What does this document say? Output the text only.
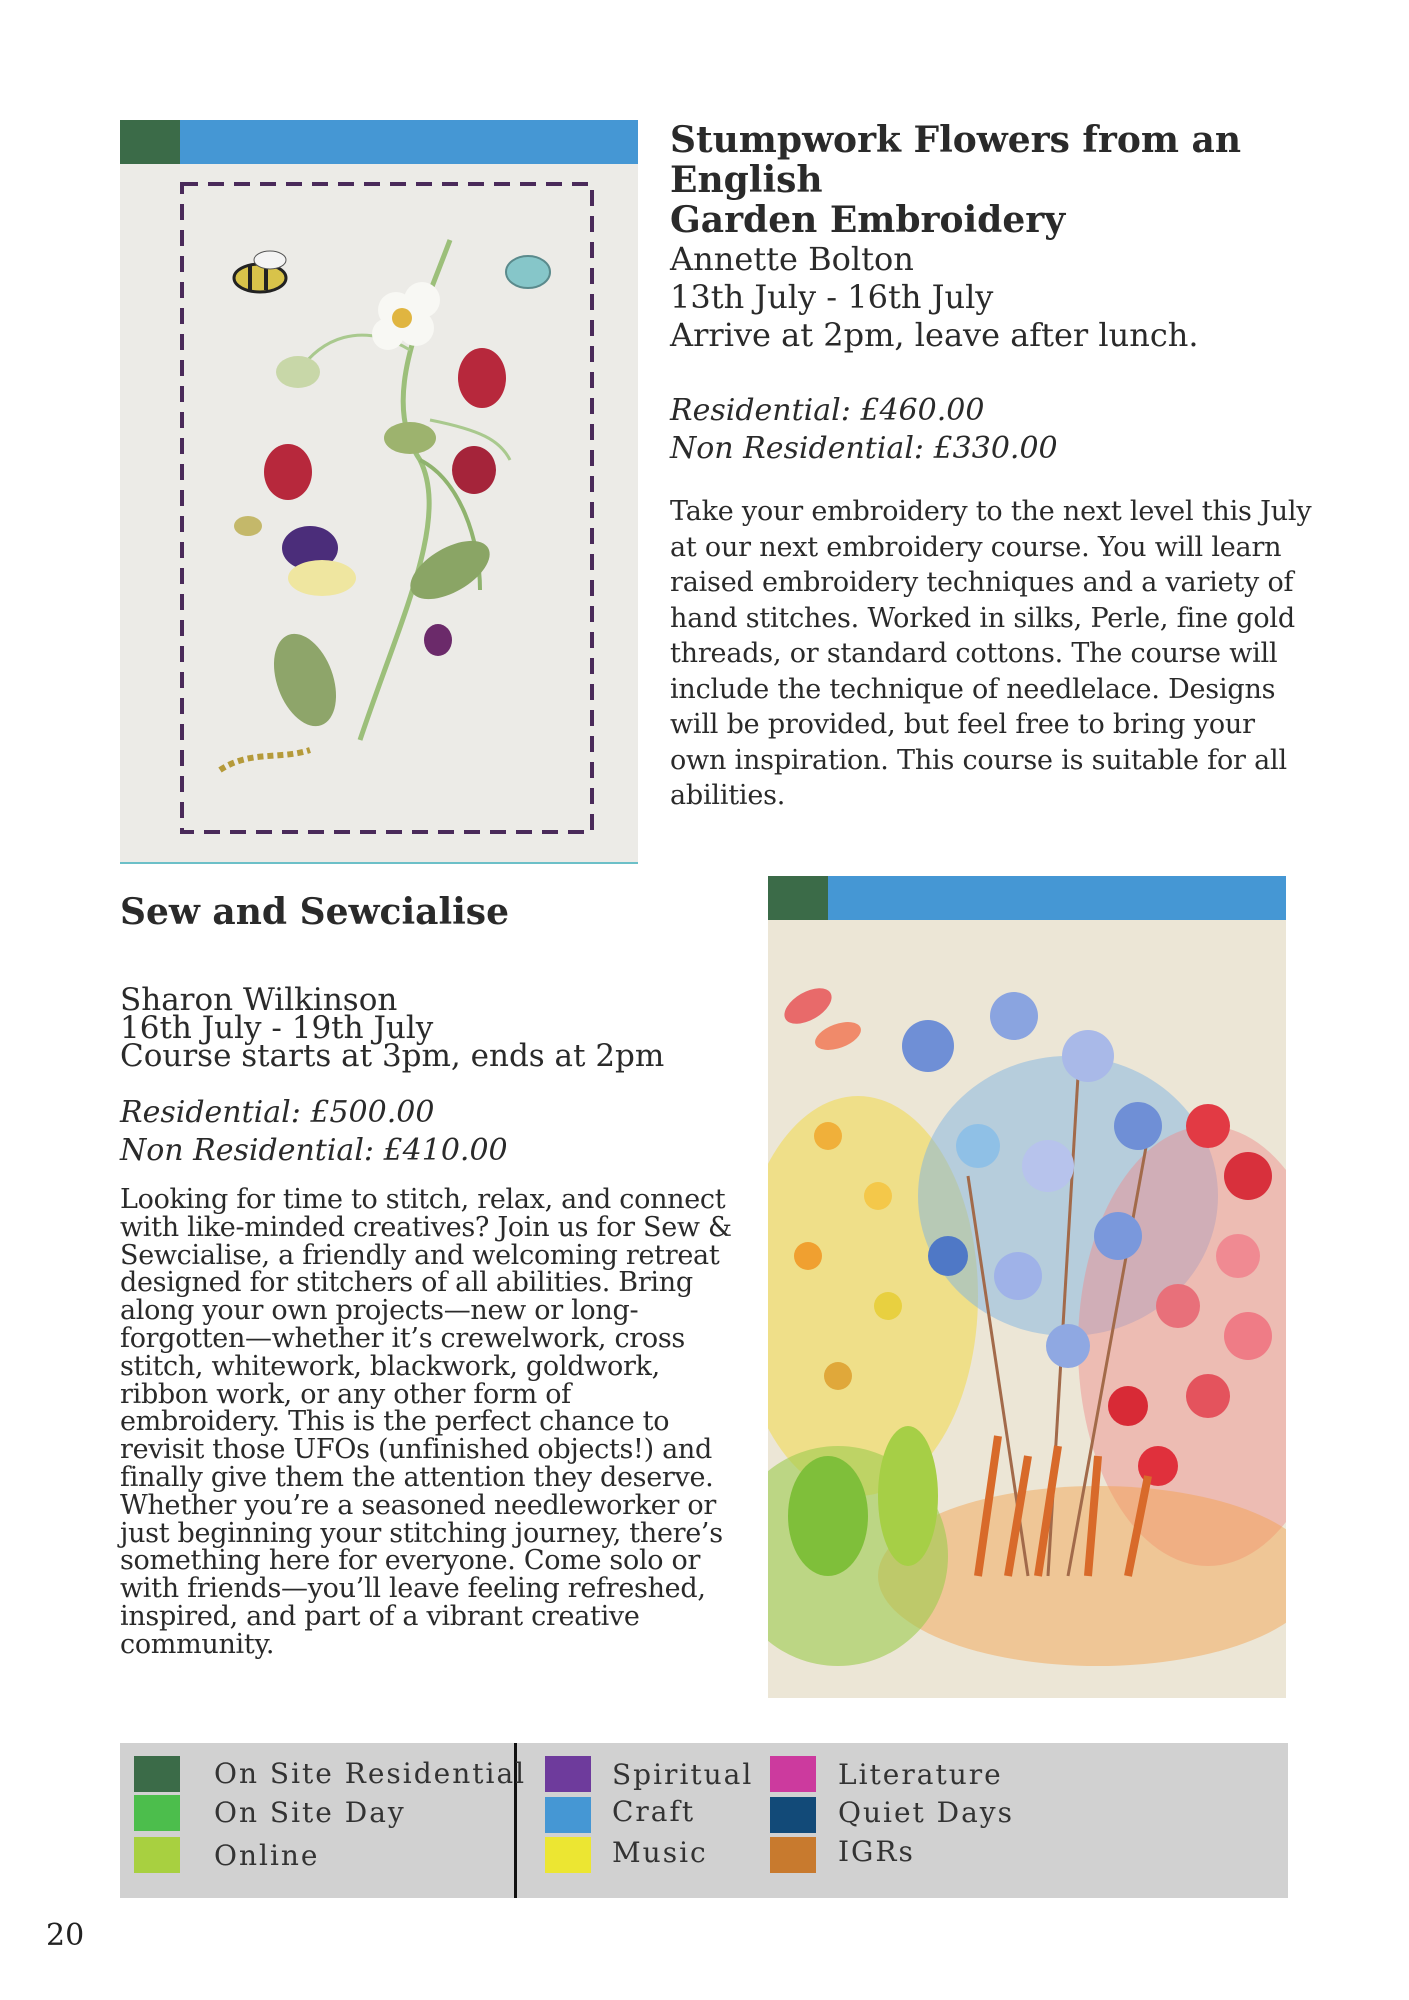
Stumpwork Flowers from an English
Garden Embroidery
Annette Bolton
13th July - 16th July
Arrive at 2pm, leave after lunch.
Residential: £460.00
Non Residential: £330.00
Take your embroidery to the next level this July
at our next embroidery course. You will learn
raised embroidery techniques and a variety of
hand stitches. Worked in silks, Perle, fine gold
threads, or standard cottons. The course will
include the technique of needlelace. Designs
will be provided, but feel free to bring your
own inspiration. This course is suitable for all
abilities.
Sew and Sewcialise
Sharon Wilkinson
16th July - 19th July
Course starts at 3pm, ends at 2pm
Residential: £500.00
Non Residential: £410.00
Looking for time to stitch, relax, and connect
with like-minded creatives? Join us for Sew &
Sewcialise, a friendly and welcoming retreat
designed for stitchers of all abilities. Bring
along your own projects—new or long-
forgotten—whether it’s crewelwork, cross
stitch, whitework, blackwork, goldwork,
ribbon work, or any other form of
embroidery. This is the perfect chance to
revisit those UFOs (unfinished objects!) and
finally give them the attention they deserve.
Whether you’re a seasoned needleworker or
just beginning your stitching journey, there’s
something here for everyone. Come solo or
with friends—you’ll leave feeling refreshed,
inspired, and part of a vibrant creative
community.
On Site Residential
On Site Day
Online
Spiritual
Craft
Music
Literature
Quiet Days
IGRs
20
